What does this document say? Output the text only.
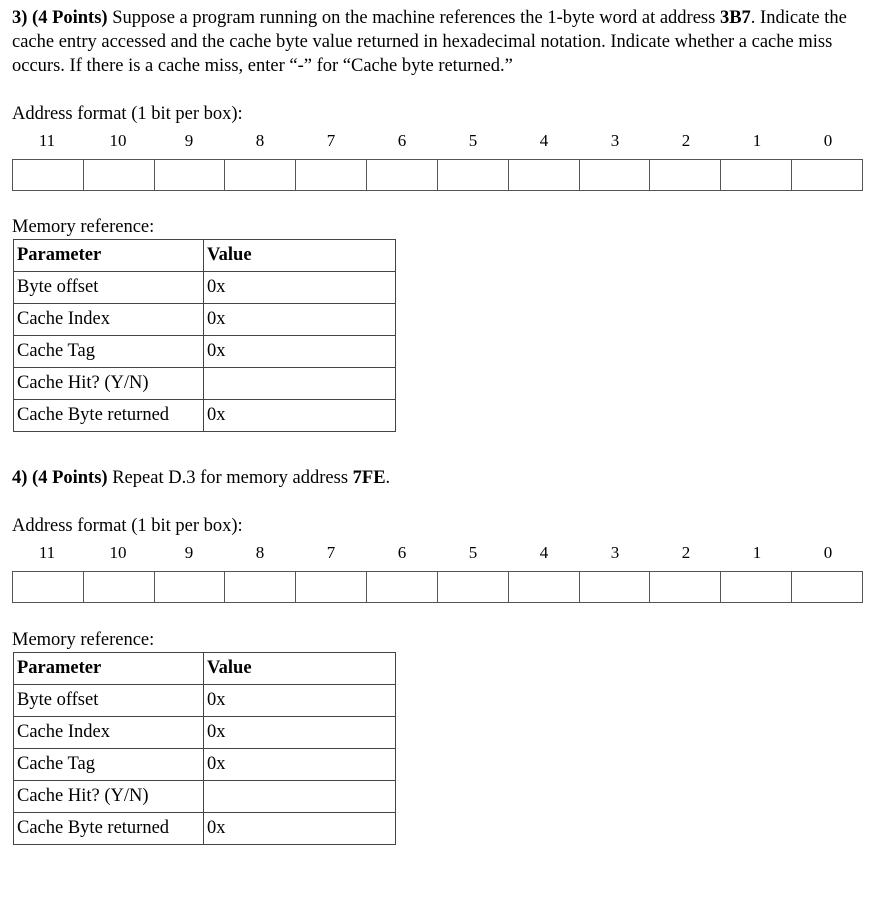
3) (4 Points) Suppose a program running on the machine references the 1-byte word at address 3B7. Indicate the cache entry accessed and the cache byte value returned in hexadecimal notation. Indicate whether a cache miss occurs. If there is a cache miss, enter “-” for “Cache byte returned.”
Address format (1 bit per box):
11	10	9	8	7	6	5	4	3	2	1	0
Memory reference:
Parameter	Value
Byte offset	0x
Cache Index	0x
Cache Tag	0x
Cache Hit? (Y/N)	
Cache Byte returned	0x
4) (4 Points) Repeat D.3 for memory address 7FE.
Address format (1 bit per box):
11	10	9	8	7	6	5	4	3	2	1	0
Memory reference:
Parameter	Value
Byte offset	0x
Cache Index	0x
Cache Tag	0x
Cache Hit? (Y/N)	
Cache Byte returned	0x
